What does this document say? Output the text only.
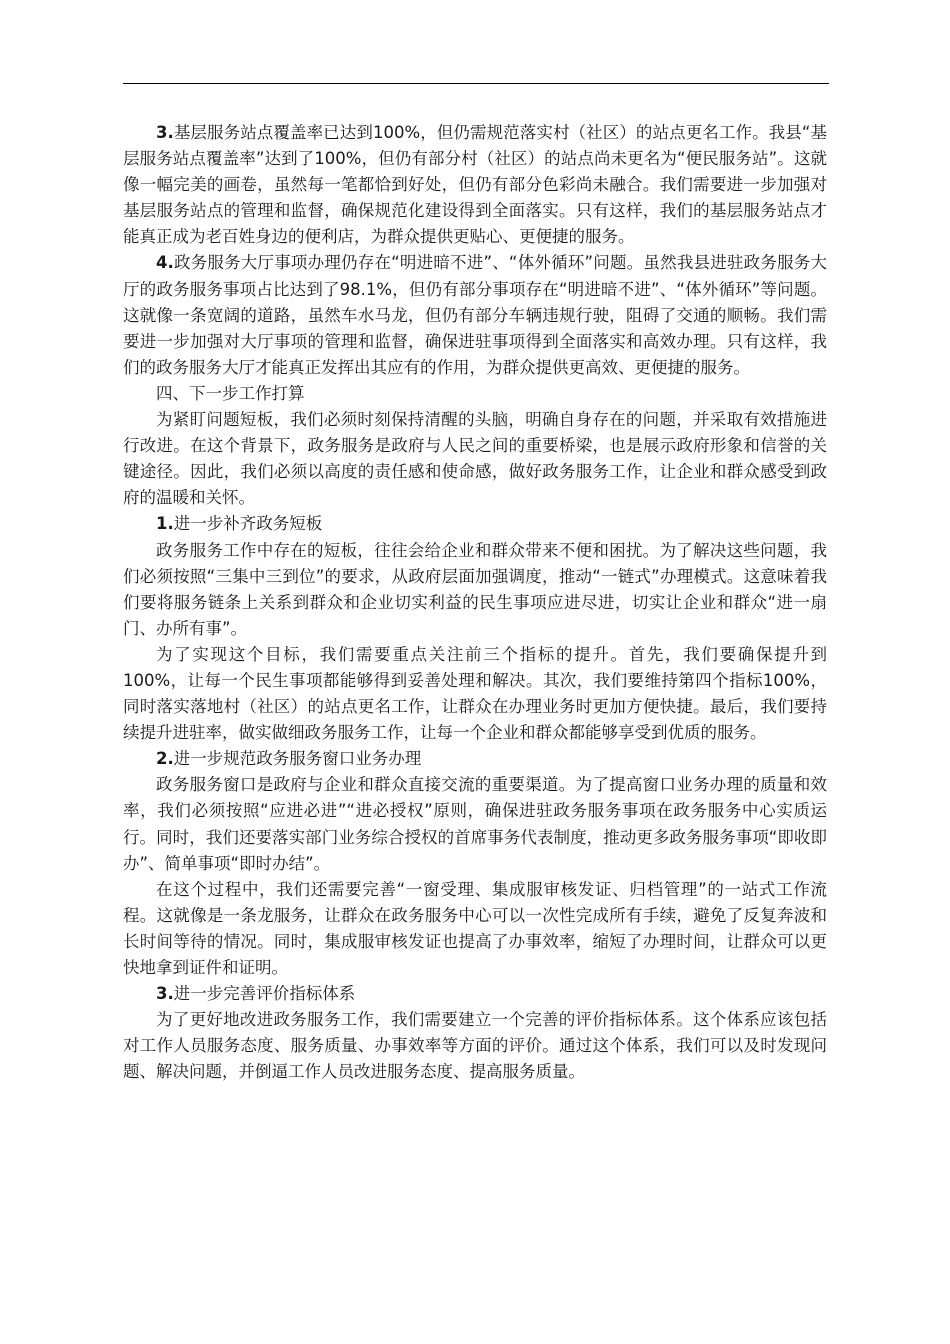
3.基层服务站点覆盖率已达到100%，但仍需规范落实村（社区）的站点更名工作。我县“基层服务站点覆盖率”达到了100%，但仍有部分村（社区）的站点尚未更名为“便民服务站”。这就像一幅完美的画卷，虽然每一笔都恰到好处，但仍有部分色彩尚未融合。我们需要进一步加强对基层服务站点的管理和监督，确保规范化建设得到全面落实。只有这样，我们的基层服务站点才能真正成为老百姓身边的便利店，为群众提供更贴心、更便捷的服务。

4.政务服务大厅事项办理仍存在“明进暗不进”、“体外循环”问题。虽然我县进驻政务服务大厅的政务服务事项占比达到了98.1%，但仍有部分事项存在“明进暗不进”、“体外循环”等问题。这就像一条宽阔的道路，虽然车水马龙，但仍有部分车辆违规行驶，阻碍了交通的顺畅。我们需要进一步加强对大厅事项的管理和监督，确保进驻事项得到全面落实和高效办理。只有这样，我们的政务服务大厅才能真正发挥出其应有的作用，为群众提供更高效、更便捷的服务。

四、下一步工作打算

为紧盯问题短板，我们必须时刻保持清醒的头脑，明确自身存在的问题，并采取有效措施进行改进。在这个背景下，政务服务是政府与人民之间的重要桥梁，也是展示政府形象和信誉的关键途径。因此，我们必须以高度的责任感和使命感，做好政务服务工作，让企业和群众感受到政府的温暖和关怀。

1.进一步补齐政务短板

政务服务工作中存在的短板，往往会给企业和群众带来不便和困扰。为了解决这些问题，我们必须按照“三集中三到位”的要求，从政府层面加强调度，推动“一链式”办理模式。这意味着我们要将服务链条上关系到群众和企业切实利益的民生事项应进尽进，切实让企业和群众“进一扇门、办所有事”。

为了实现这个目标，我们需要重点关注前三个指标的提升。首先，我们要确保提升到100%，让每一个民生事项都能够得到妥善处理和解决。其次，我们要维持第四个指标100%，同时落实落地村（社区）的站点更名工作，让群众在办理业务时更加方便快捷。最后，我们要持续提升进驻率，做实做细政务服务工作，让每一个企业和群众都能够享受到优质的服务。

2.进一步规范政务服务窗口业务办理

政务服务窗口是政府与企业和群众直接交流的重要渠道。为了提高窗口业务办理的质量和效率，我们必须按照“应进必进”“进必授权”原则，确保进驻政务服务事项在政务服务中心实质运行。同时，我们还要落实部门业务综合授权的首席事务代表制度，推动更多政务服务事项“即收即办”、简单事项“即时办结”。

在这个过程中，我们还需要完善“一窗受理、集成服审核发证、归档管理”的一站式工作流程。这就像是一条龙服务，让群众在政务服务中心可以一次性完成所有手续，避免了反复奔波和长时间等待的情况。同时，集成服审核发证也提高了办事效率，缩短了办理时间，让群众可以更快地拿到证件和证明。

3.进一步完善评价指标体系

为了更好地改进政务服务工作，我们需要建立一个完善的评价指标体系。这个体系应该包括对工作人员服务态度、服务质量、办事效率等方面的评价。通过这个体系，我们可以及时发现问题、解决问题，并倒逼工作人员改进服务态度、提高服务质量。
